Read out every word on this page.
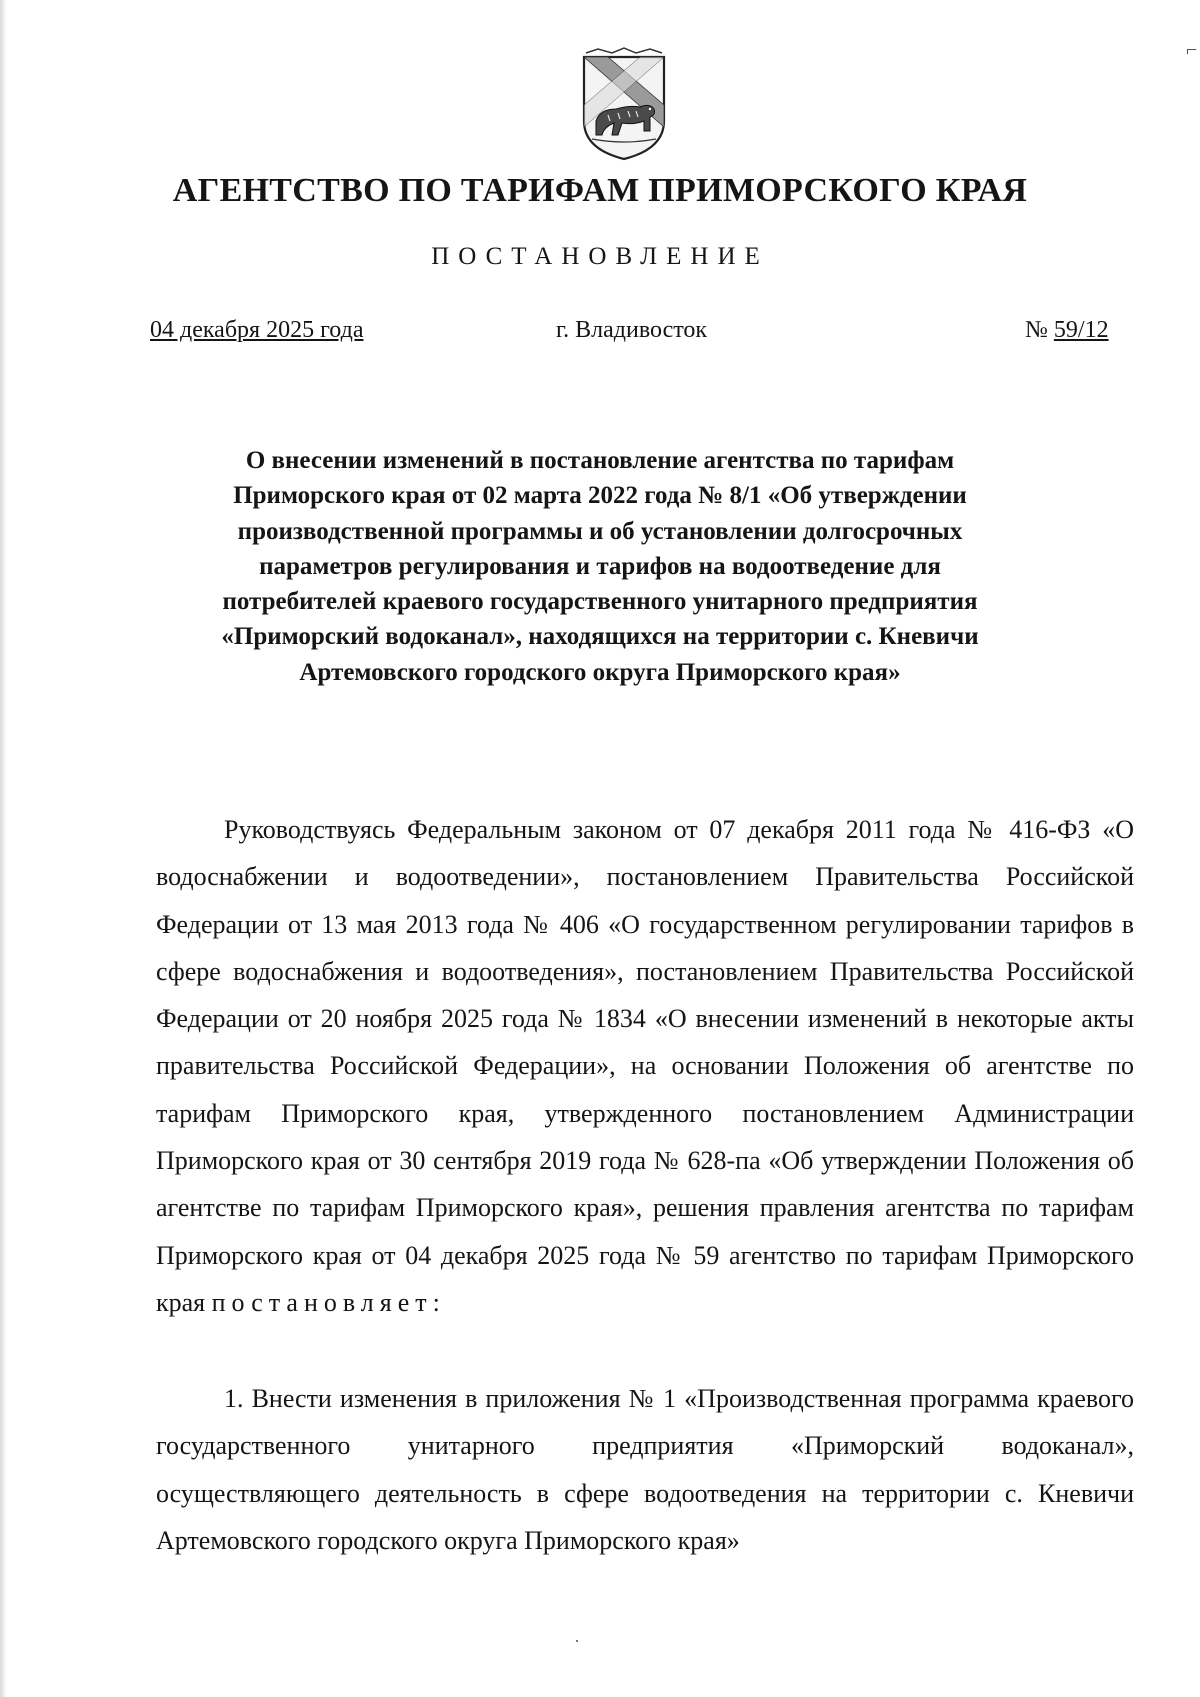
⌐
АГЕНТСТВО ПО ТАРИФАМ ПРИМОРСКОГО КРАЯ
ПОСТАНОВЛЕНИЕ
04 декабря 2025 года	г. Владивосток	№ 59/12
О внесении изменений в постановление агентства по тарифам Приморского края от 02 марта 2022 года № 8/1 «Об утверждении производственной программы и об установлении долгосрочных параметров регулирования и тарифов на водоотведение для потребителей краевого государственного унитарного предприятия «Приморский водоканал», находящихся на территории с. Кневичи Артемовского городского округа Приморского края»
Руководствуясь Федеральным законом от 07 декабря 2011 года № 416-ФЗ «О водоснабжении и водоотведении», постановлением Правительства Российской Федерации от 13 мая 2013 года № 406 «О государственном регулировании тарифов в сфере водоснабжения и водоотведения», постановлением Правительства Российской Федерации от 20 ноября 2025 года № 1834 «О внесении изменений в некоторые акты правительства Российской Федерации», на основании Положения об агентстве по тарифам Приморского края, утвержденного постановлением Администрации Приморского края от 30 сентября 2019 года № 628-па «Об утверждении Положения об агентстве по тарифам Приморского края», решения правления агентства по тарифам Приморского края от 04 декабря 2025 года № 59 агентство по тарифам Приморского края постановляет:
1. Внести изменения в приложения № 1 «Производственная программа краевого государственного унитарного предприятия «Приморский водоканал», осуществляющего деятельность в сфере водоотведения на территории с. Кневичи Артемовского городского округа Приморского края»
